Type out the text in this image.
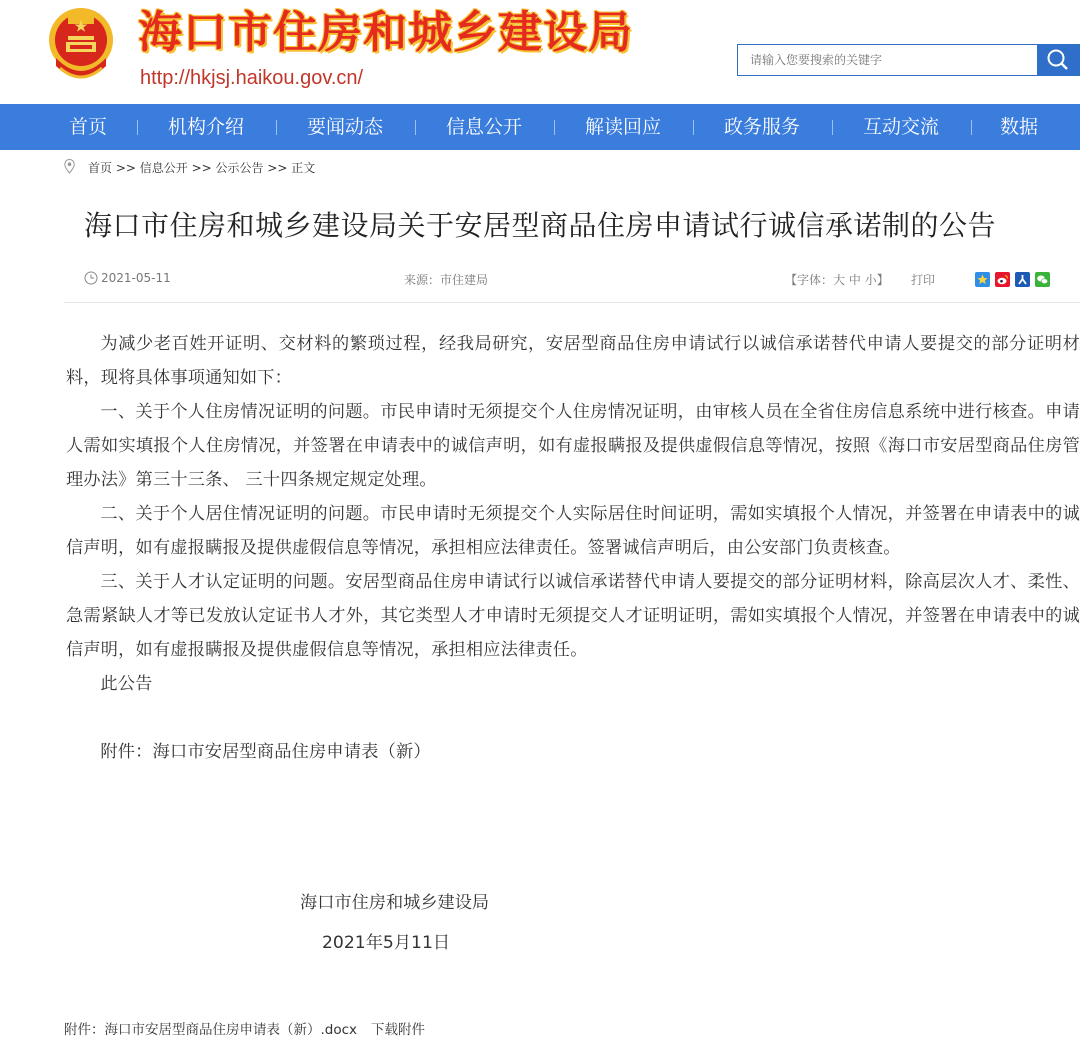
海口市住房和城乡建设局
http://hkjsj.haikou.gov.cn/
请输入您要搜索的关键字
首页	机构介绍	要闻动态	信息公开	解读回应	政务服务	互动交流	数据
首页 >> 信息公开 >> 公示公告 >> 正文
海口市住房和城乡建设局关于安居型商品住房申请试行诚信承诺制的公告
2021-05-11	来源：市住建局	【字体：大 中 小】 打印

为减少老百姓开证明、交材料的繁琐过程，经我局研究，安居型商品住房申请试行以诚信承诺替代申请人要提交的部分证明材料，现将具体事项通知如下：

一、关于个人住房情况证明的问题。市民申请时无须提交个人住房情况证明，由审核人员在全省住房信息系统中进行核查。申请人需如实填报个人住房情况，并签署在申请表中的诚信声明，如有虚报瞒报及提供虚假信息等情况，按照《海口市安居型商品住房管理办法》第三十三条、 三十四条规定规定处理。

二、关于个人居住情况证明的问题。市民申请时无须提交个人实际居住时间证明，需如实填报个人情况，并签署在申请表中的诚信声明，如有虚报瞒报及提供虚假信息等情况，承担相应法律责任。签署诚信声明后，由公安部门负责核查。

三、关于人才认定证明的问题。安居型商品住房申请试行以诚信承诺替代申请人要提交的部分证明材料，除高层次人才、柔性、急需紧缺人才等已发放认定证书人才外，其它类型人才申请时无须提交人才证明证明，需如实填报个人情况，并签署在申请表中的诚信声明，如有虚报瞒报及提供虚假信息等情况，承担相应法律责任。

此公告

附件：海口市安居型商品住房申请表（新）

海口市住房和城乡建设局
2021年5月11日
附件：海口市安居型商品住房申请表（新）.docx 下载附件
